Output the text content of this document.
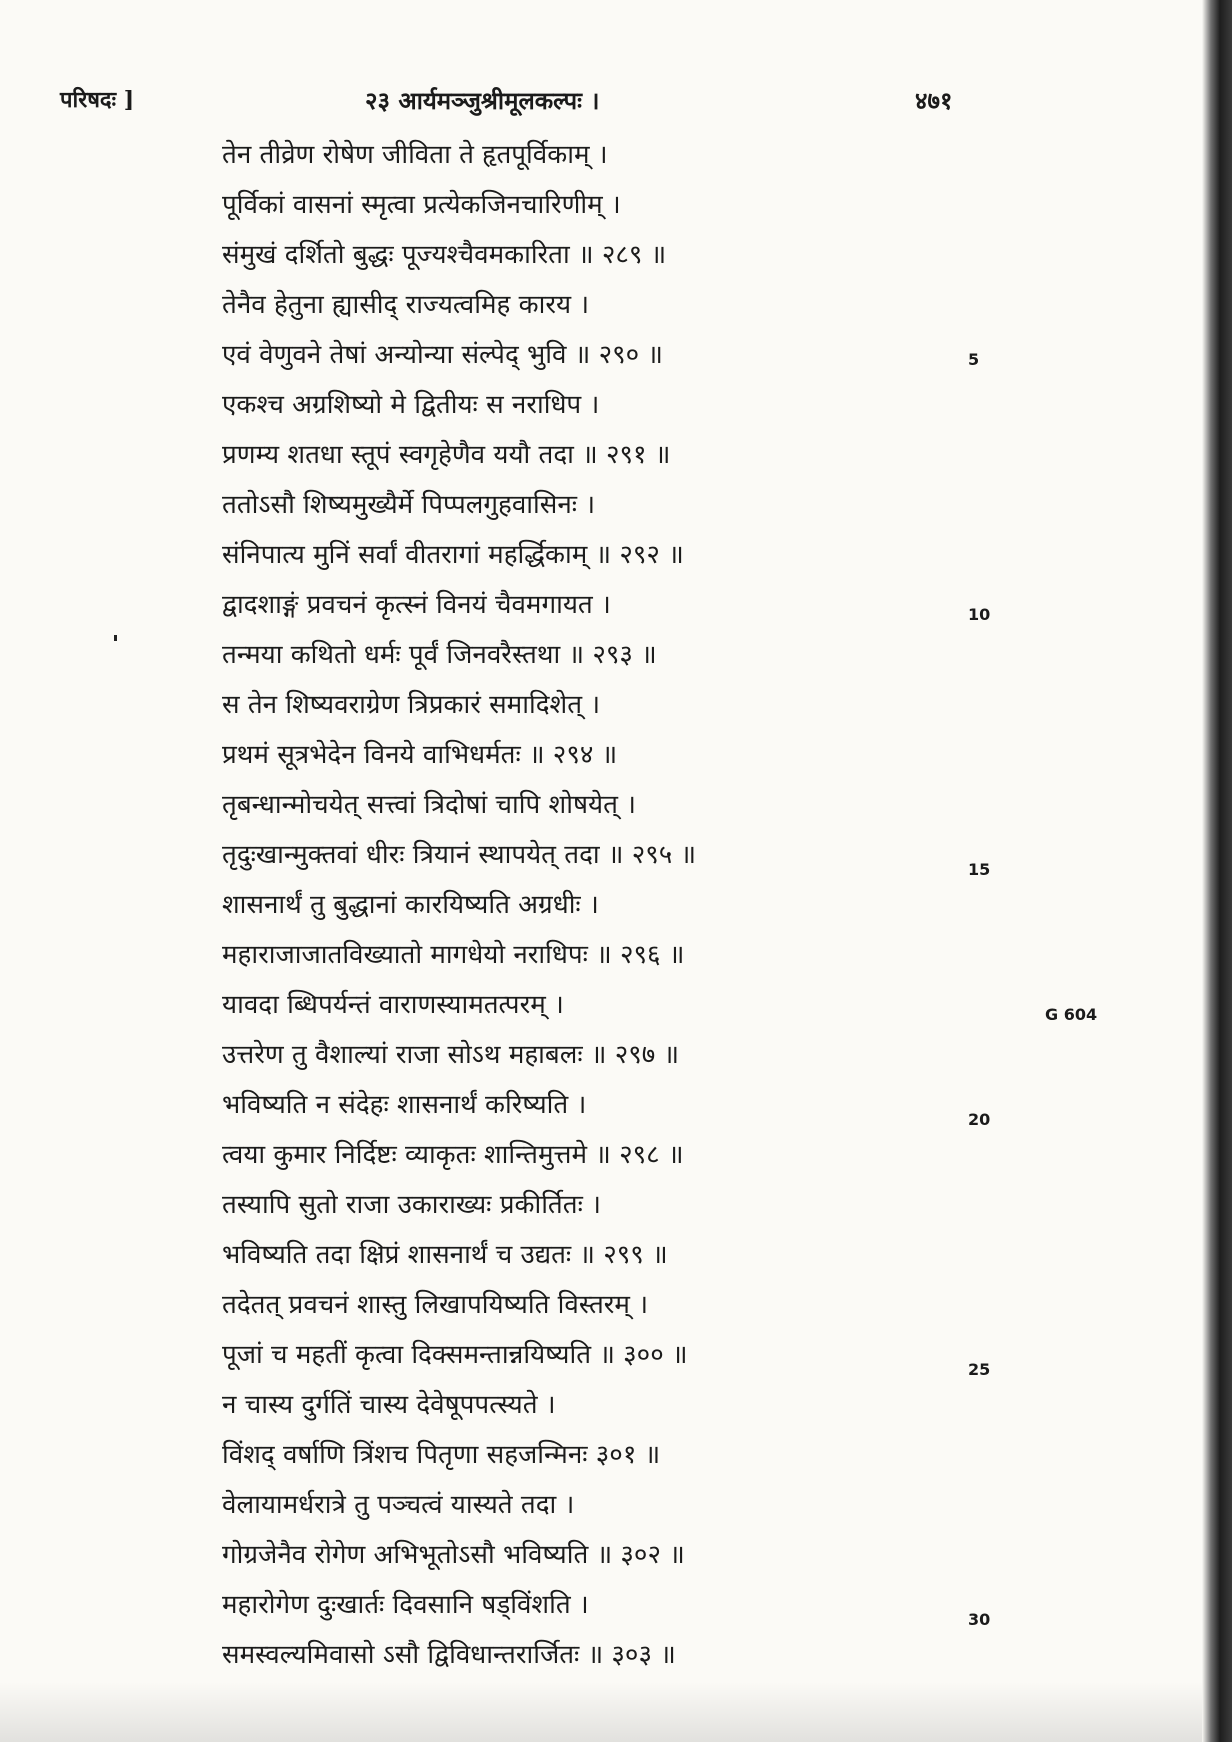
परिषदः ]	२३ आर्यमञ्जुश्रीमूलकल्पः ।	४७१
तेन तीव्रेण रोषेण जीविता ते हृतपूर्विकाम् ।
पूर्विकां वासनां स्मृत्वा प्रत्येकजिनचारिणीम् ।
संमुखं दर्शितो बुद्धः पूज्यश्चैवमकारिता ॥ २८९ ॥
तेनैव हेतुना ह्यासीद् राज्यत्वमिह कारय ।
एवं वेणुवने तेषां अन्योन्या संल्पेद् भुवि ॥ २९० ॥
एकश्च अग्रशिष्यो मे द्वितीयः स नराधिप ।
प्रणम्य शतधा स्तूपं स्वगृहेणैव ययौ तदा ॥ २९१ ॥
ततोऽसौ शिष्यमुख्यैर्मे पिप्पलगुहवासिनः ।
संनिपात्य मुनिं सर्वां वीतरागां महर्द्धिकाम् ॥ २९२ ॥
द्वादशाङ्गं प्रवचनं कृत्स्नं विनयं चैवमगायत ।
तन्मया कथितो धर्मः पूर्वं जिनवरैस्तथा ॥ २९३ ॥
स तेन शिष्यवराग्रेण त्रिप्रकारं समादिशेत् ।
प्रथमं सूत्रभेदेन विनये वाभिधर्मतः ॥ २९४ ॥
तृबन्धान्मोचयेत् सत्त्वां त्रिदोषां चापि शोषयेत् ।
तृदुःखान्मुक्तवां धीरः त्रियानं स्थापयेत् तदा ॥ २९५ ॥
शासनार्थं तु बुद्धानां कारयिष्यति अग्रधीः ।
महाराजाजातविख्यातो मागधेयो नराधिपः ॥ २९६ ॥
यावदा ब्धिपर्यन्तं वाराणस्यामतत्परम् ।
उत्तरेण तु वैशाल्यां राजा सोऽथ महाबलः ॥ २९७ ॥
भविष्यति न संदेहः शासनार्थं करिष्यति ।
त्वया कुमार निर्दिष्टः व्याकृतः शान्तिमुत्तमे ॥ २९८ ॥
तस्यापि सुतो राजा उकाराख्यः प्रकीर्तितः ।
भविष्यति तदा क्षिप्रं शासनार्थं च उद्यतः ॥ २९९ ॥
तदेतत् प्रवचनं शास्तु लिखापयिष्यति विस्तरम् ।
पूजां च महतीं कृत्वा दिक्समन्तान्नयिष्यति ॥ ३०० ॥
न चास्य दुर्गतिं चास्य देवेषूपपत्स्यते ।
विंशद् वर्षाणि त्रिंशच पितृणा सहजन्मिनः ३०१ ॥
वेलायामर्धरात्रे तु पञ्चत्वं यास्यते तदा ।
गोग्रजेनैव रोगेण अभिभूतोऽसौ भविष्यति ॥ ३०२ ॥
महारोगेण दुःखार्तः दिवसानि षड्विंशति ।
समस्वल्यमिवासो ऽसौ द्विविधान्तरार्जितः ॥ ३०३ ॥
5
10
15
20
25
30
G 604
